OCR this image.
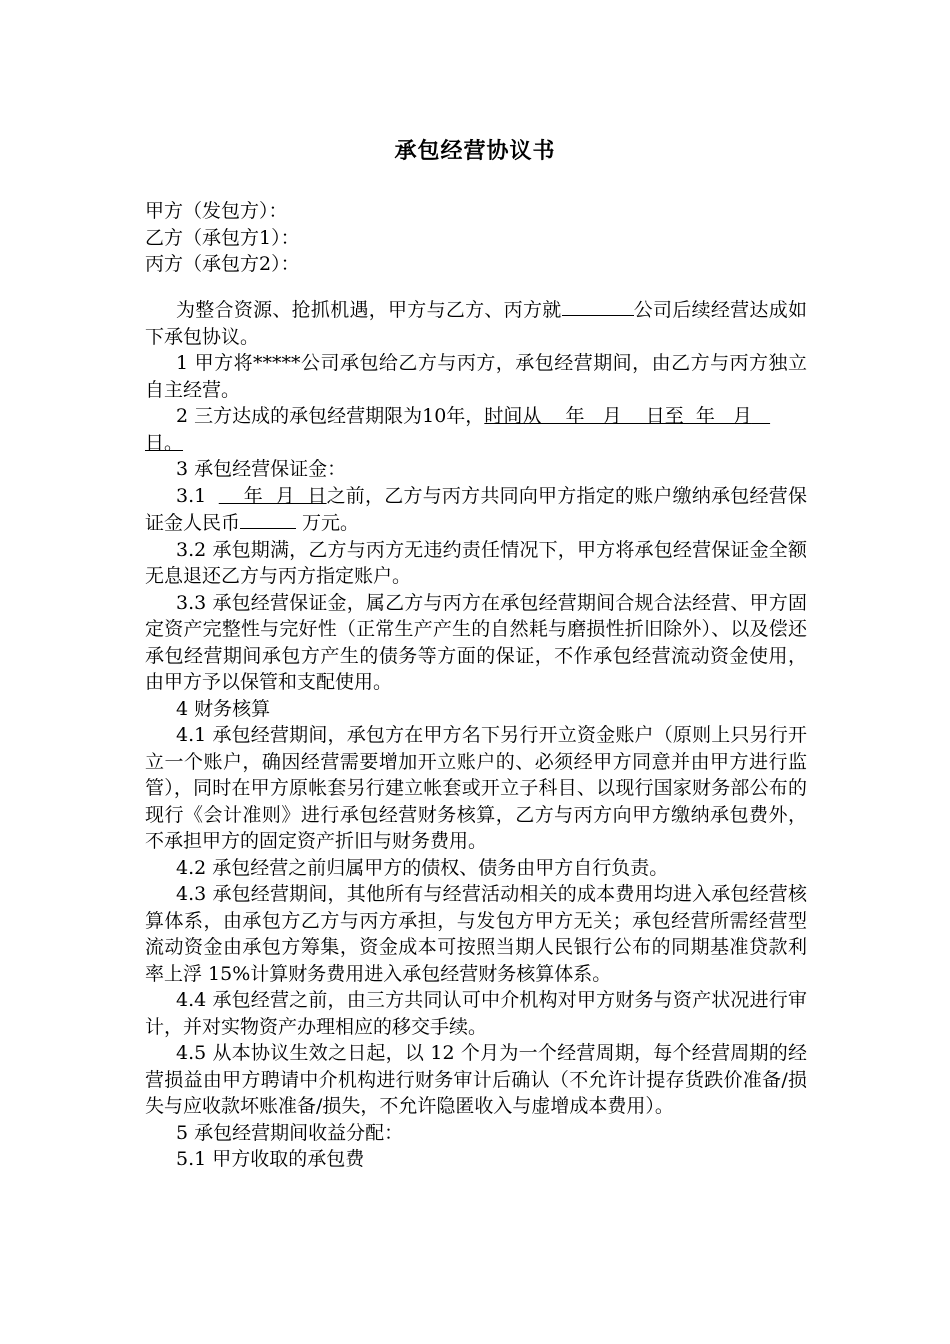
承包经营协议书
甲方（发包方）：
乙方（承包方1）：
丙方（承包方2）：

为整合资源、抢抓机遇，甲方与乙方、丙方就	公司后续经营达成如下承包协议。

1 甲方将*****公司承包给乙方与丙方，承包经营期间，由乙方与丙方独立自主经营。

2 三方达成的承包经营期限为10年，时间从    年   月    日至  年   月   日。

3 承包经营保证金：

3.1      年  月  日之前，乙方与丙方共同向甲方指定的账户缴纳承包经营保证金人民币	万元。

3.2 承包期满，乙方与丙方无违约责任情况下，甲方将承包经营保证金全额无息退还乙方与丙方指定账户。

3.3 承包经营保证金，属乙方与丙方在承包经营期间合规合法经营、甲方固定资产完整性与完好性（正常生产产生的自然耗与磨损性折旧除外）、以及偿还承包经营期间承包方产生的债务等方面的保证，不作承包经营流动资金使用，由甲方予以保管和支配使用。

4 财务核算

4.1 承包经营期间，承包方在甲方名下另行开立资金账户（原则上只另行开立一个账户，确因经营需要增加开立账户的、必须经甲方同意并由甲方进行监管），同时在甲方原帐套另行建立帐套或开立子科目、以现行国家财务部公布的现行《会计准则》进行承包经营财务核算，乙方与丙方向甲方缴纳承包费外，不承担甲方的固定资产折旧与财务费用。

4.2 承包经营之前归属甲方的债权、债务由甲方自行负责。

4.3 承包经营期间，其他所有与经营活动相关的成本费用均进入承包经营核算体系，由承包方乙方与丙方承担，与发包方甲方无关；承包经营所需经营型流动资金由承包方筹集，资金成本可按照当期人民银行公布的同期基准贷款利率上浮 15%计算财务费用进入承包经营财务核算体系。

4.4 承包经营之前，由三方共同认可中介机构对甲方财务与资产状况进行审计，并对实物资产办理相应的移交手续。

4.5 从本协议生效之日起，以 12 个月为一个经营周期，每个经营周期的经营损益由甲方聘请中介机构进行财务审计后确认（不允许计提存货跌价准备/损失与应收款坏账准备/损失，不允许隐匿收入与虚增成本费用）。

5 承包经营期间收益分配：

5.1 甲方收取的承包费
